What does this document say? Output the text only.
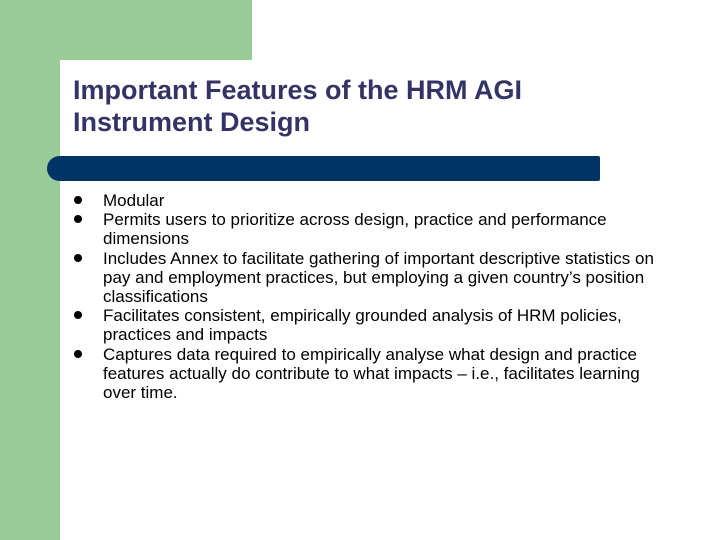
Important Features of the HRM AGI
Instrument Design
Modular
Permits users to prioritize across design, practice and performance dimensions
Includes Annex to facilitate gathering of important descriptive statistics on pay and employment practices, but employing a given country’s position classifications
Facilitates consistent, empirically grounded analysis of HRM policies, practices and impacts
Captures data required to empirically analyse what design and practice features actually do contribute to what impacts – i.e., facilitates learning over time.
